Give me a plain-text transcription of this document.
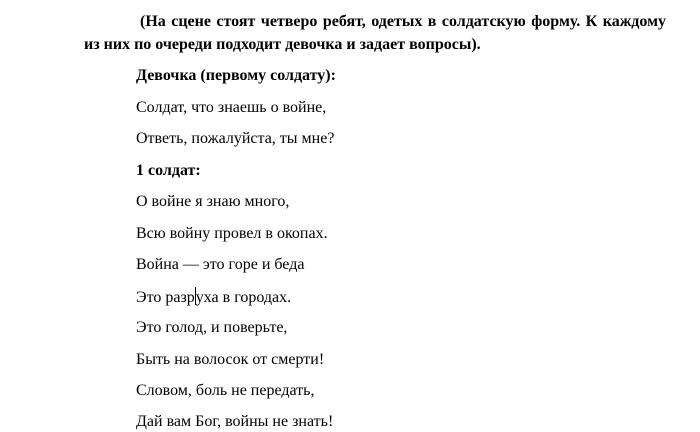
(На сцене стоят четверо ребят, одетых в солдатскую форму. К каждому из них по очереди подходит девочка и задает вопросы).

Девочка (первому солдату):

Солдат, что знаешь о войне,

Ответь, пожалуйста, ты мне?

1 солдат:

О войне я знаю много,

Всю войну провел в окопах.

Война — это горе и беда

Это разруха в городах.

Это голод, и поверьте,

Быть на волосок от смерти!

Словом, боль не передать,

Дай вам Бог, войны не знать!
